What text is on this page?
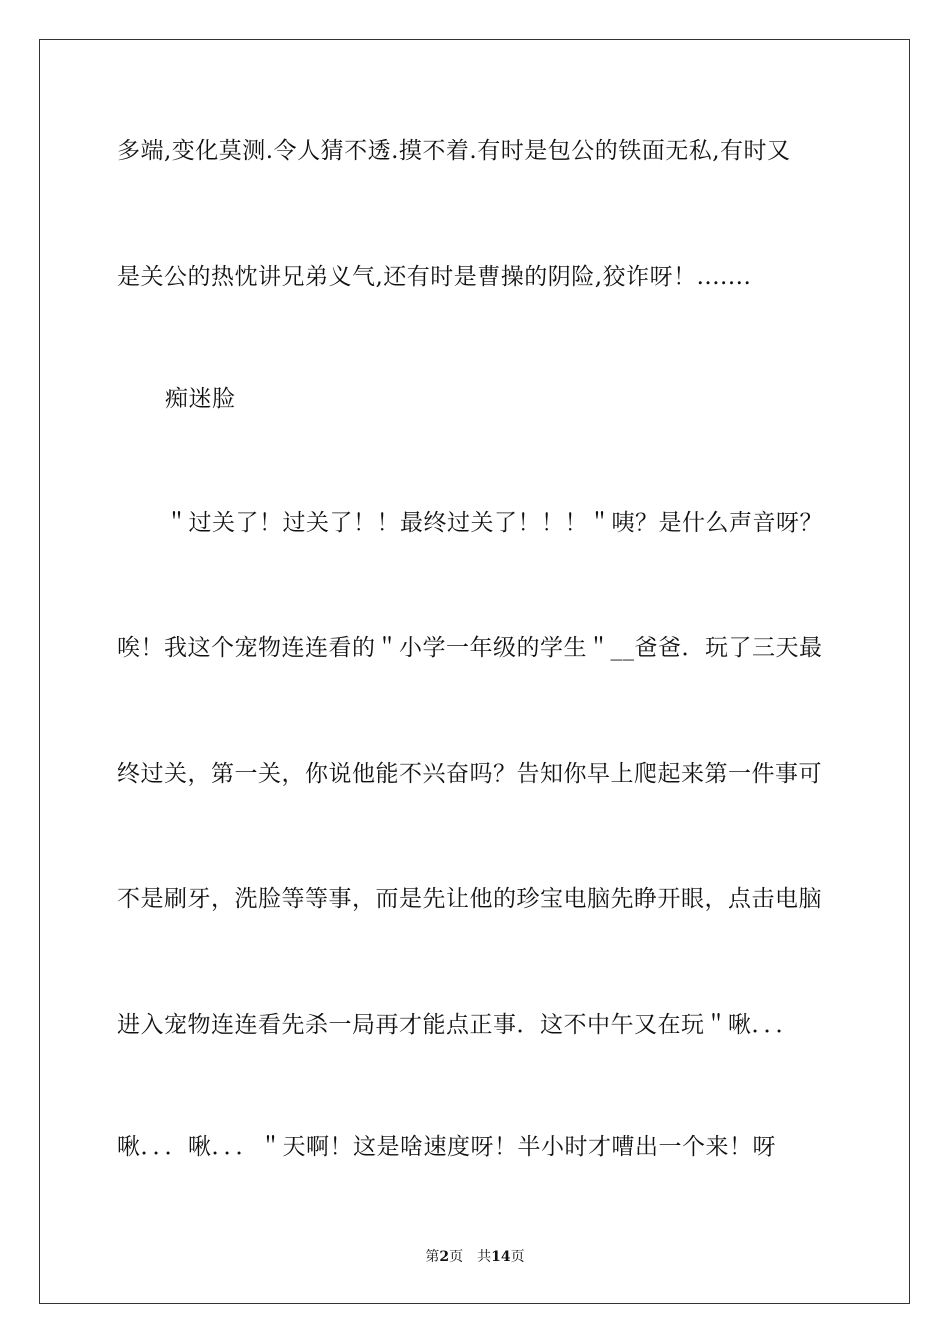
多端,变化莫测.令人猜不透.摸不着.有时是包公的铁面无私,有时又
是关公的热忱讲兄弟义气,还有时是曹操的阴险,狡诈呀！.......
痴迷脸
＂过关了！过关了！！最终过关了！！！＂咦？是什么声音呀？
唉！我这个宠物连连看的＂小学一年级的学生＂__爸爸．玩了三天最
终过关，第一关，你说他能不兴奋吗？告知你早上爬起来第一件事可
不是刷牙，洗脸等等事，而是先让他的珍宝电脑先睁开眼，点击电脑
进入宠物连连看先杀一局再才能点正事．这不中午又在玩＂啾．．．
啾．．．啾．．．＂天啊！这是啥速度呀！半小时才嘈出一个来！呀
第2页　共14页
